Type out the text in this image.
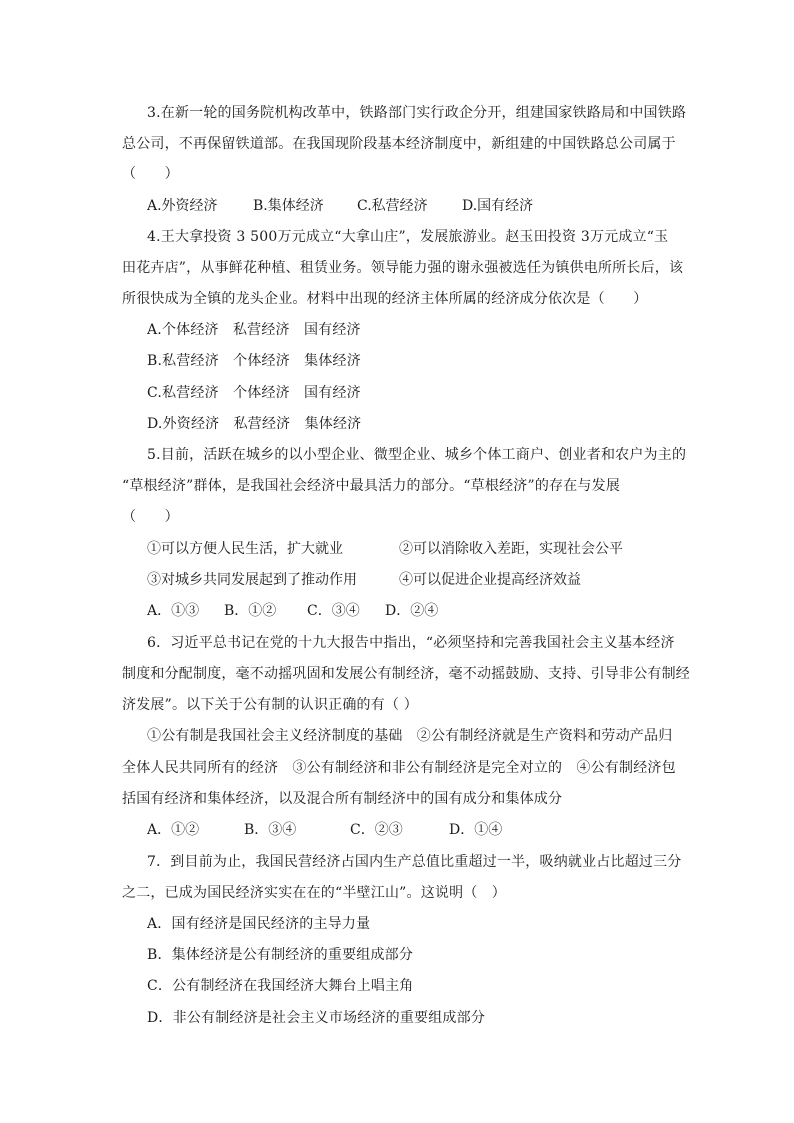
3.在新一轮的国务院机构改革中，铁路部门实行政企分开，组建国家铁路局和中国铁路
总公司，不再保留铁道部。在我国现阶段基本经济制度中，新组建的中国铁路总公司属于
（　　）
A.外资经济	B.集体经济 C.私营经济 D.国有经济
4.王大拿投资 3 500万元成立“大拿山庄”，发展旅游业。赵玉田投资 3万元成立“玉
田花卉店”，从事鲜花种植、租赁业务。领导能力强的谢永强被选任为镇供电所所长后，该
所很快成为全镇的龙头企业。材料中出现的经济主体所属的经济成分依次是（　　）
A.个体经济　私营经济　国有经济
B.私营经济　个体经济　集体经济
C.私营经济　个体经济　国有经济
D.外资经济　私营经济　集体经济
5.目前，活跃在城乡的以小型企业、微型企业、城乡个体工商户、创业者和农户为主的
“草根经济”群体，是我国社会经济中最具活力的部分。“草根经济”的存在与发展
（　　）
①可以方便人民生活，扩大就业	②可以消除收入差距，实现社会公平
③对城乡共同发展起到了推动作用	④可以促进企业提高经济效益
A．①③ B．①② C．③④ D．②④
6．习近平总书记在党的十九大报告中指出，“必须坚持和完善我国社会主义基本经济
制度和分配制度，毫不动摇巩固和发展公有制经济，毫不动摇鼓励、支持、引导非公有制经
济发展”。以下关于公有制的认识正确的有（ ）
①公有制是我国社会主义经济制度的基础　②公有制经济就是生产资料和劳动产品归
全体人民共同所有的经济　③公有制经济和非公有制经济是完全对立的　④公有制经济包
括国有经济和集体经济，以及混合所有制经济中的国有成分和集体成分
A．①②	B．③④	C．②③	D．①④
7．到目前为止，我国民营经济占国内生产总值比重超过一半，吸纳就业占比超过三分
之二，已成为国民经济实实在在的“半壁江山”。这说明（　）
A．国有经济是国民经济的主导力量
B．集体经济是公有制经济的重要组成部分
C．公有制经济在我国经济大舞台上唱主角
D．非公有制经济是社会主义市场经济的重要组成部分
